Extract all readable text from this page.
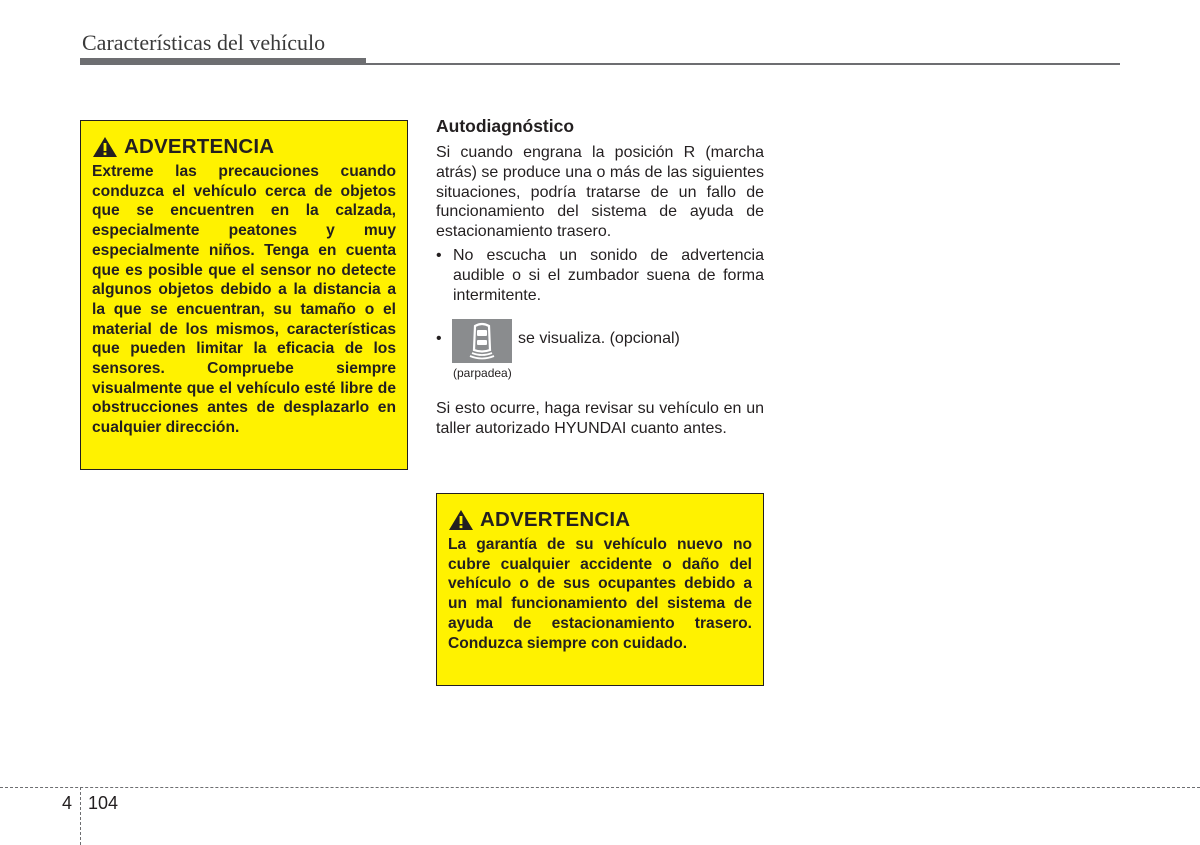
Características del vehículo
ADVERTENCIA
Extreme las precauciones cuando conduzca el vehículo cerca de objetos que se encuentren en la calzada, especialmente peatones y muy especialmente niños. Tenga en cuenta que es posible que el sensor no detecte algunos objetos debido a la distancia a la que se encuentran, su tamaño o el material de los mismos, características que pueden limitar la eficacia de los sensores. Compruebe siempre visualmente que el vehículo esté libre de obstrucciones antes de desplazarlo en cualquier dirección.
Autodiagnóstico

Si cuando engrana la posición R (marcha atrás) se produce una o más de las siguientes situaciones, podría tratarse de un fallo de funcionamiento del sistema de ayuda de estacionamiento trasero.

• No escucha un sonido de advertencia audible o si el zumbador suena de forma intermitente.
•
(parpadea)
se visualiza. (opcional)

Si esto ocurre, haga revisar su vehículo en un taller autorizado HYUNDAI cuanto antes.

ADVERTENCIA
La garantía de su vehículo nuevo no cubre cualquier accidente o daño del vehículo o de sus ocupantes debido a un mal funcionamiento del sistema de ayuda de estacionamiento trasero. Conduzca siempre con cuidado.
4 104
